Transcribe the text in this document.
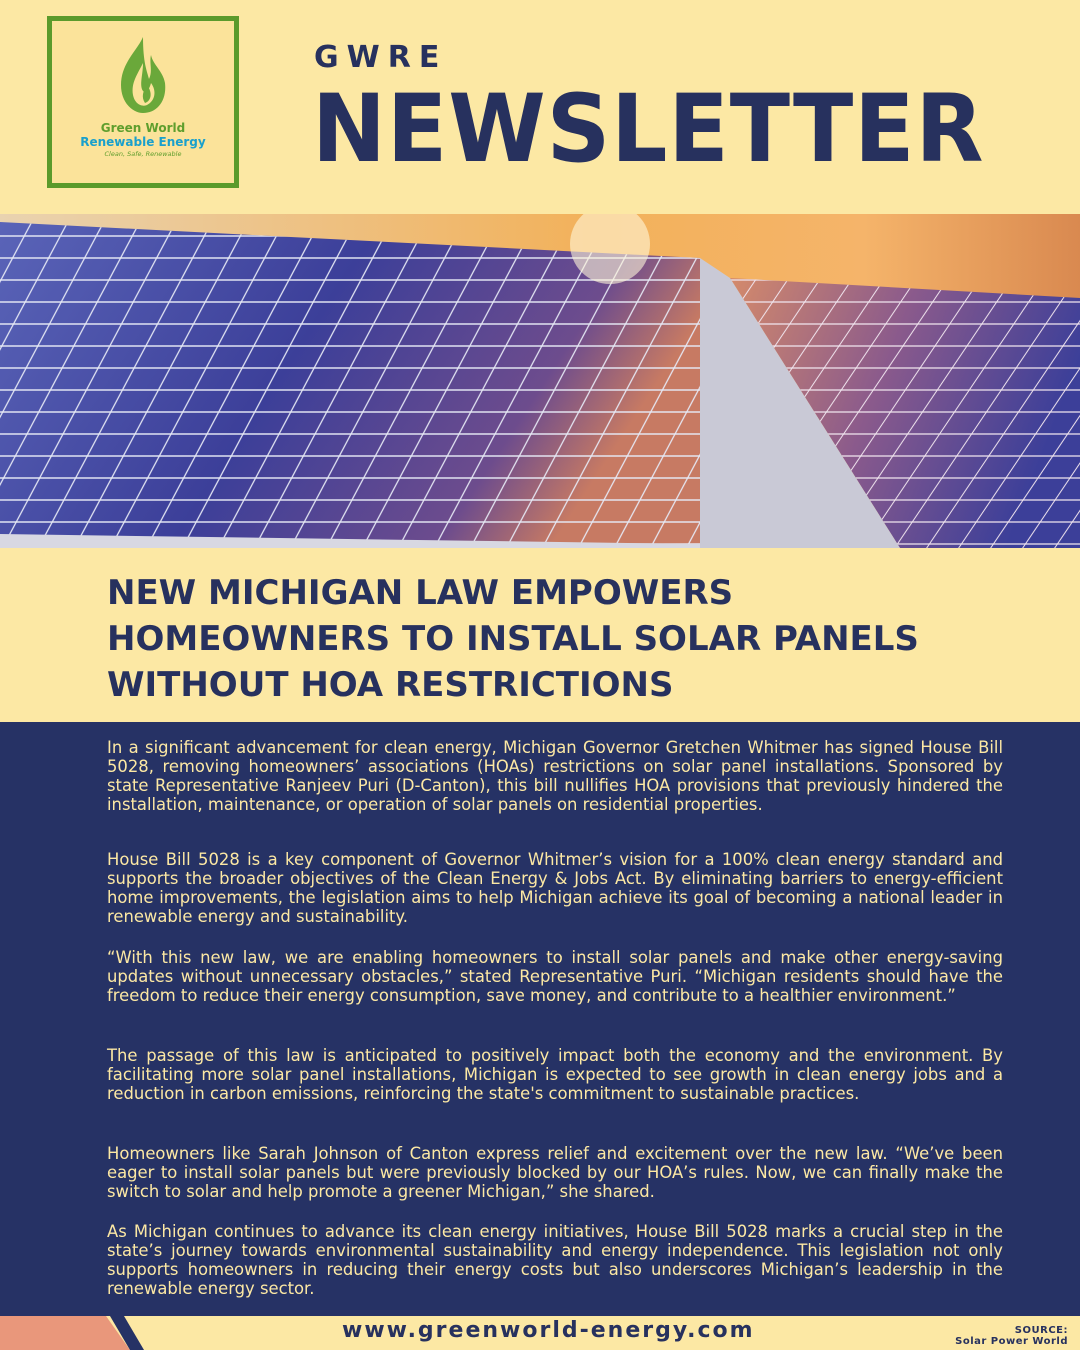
Green World
Renewable Energy
Clean, Safe, Renewable
GWRE
NEWSLETTER
NEW MICHIGAN LAW EMPOWERS HOMEOWNERS TO INSTALL SOLAR PANELS WITHOUT HOA RESTRICTIONS
In a significant advancement for clean energy, Michigan Governor Gretchen Whitmer has signed House Bill 5028, removing homeowners’ associations (HOAs) restrictions on solar panel installations. Sponsored by state Representative Ranjeev Puri (D-Canton), this bill nullifies HOA provisions that previously hindered the installation, maintenance, or operation of solar panels on residential properties.
House Bill 5028 is a key component of Governor Whitmer’s vision for a 100% clean energy standard and supports the broader objectives of the Clean Energy & Jobs Act. By eliminating barriers to energy-efficient home improvements, the legislation aims to help Michigan achieve its goal of becoming a national leader in renewable energy and sustainability.
“With this new law, we are enabling homeowners to install solar panels and make other energy-saving updates without unnecessary obstacles,” stated Representative Puri. “Michigan residents should have the freedom to reduce their energy consumption, save money, and contribute to a healthier environment.”
The passage of this law is anticipated to positively impact both the economy and the environment. By facilitating more solar panel installations, Michigan is expected to see growth in clean energy jobs and a reduction in carbon emissions, reinforcing the state's commitment to sustainable practices.
Homeowners like Sarah Johnson of Canton express relief and excitement over the new law. “We’ve been eager to install solar panels but were previously blocked by our HOA’s rules. Now, we can finally make the switch to solar and help promote a greener Michigan,” she shared.
As Michigan continues to advance its clean energy initiatives, House Bill 5028 marks a crucial step in the state’s journey towards environmental sustainability and energy independence. This legislation not only supports homeowners in reducing their energy costs but also underscores Michigan’s leadership in the renewable energy sector.
www.greenworld-energy.com	SOURCE:
Solar Power World
